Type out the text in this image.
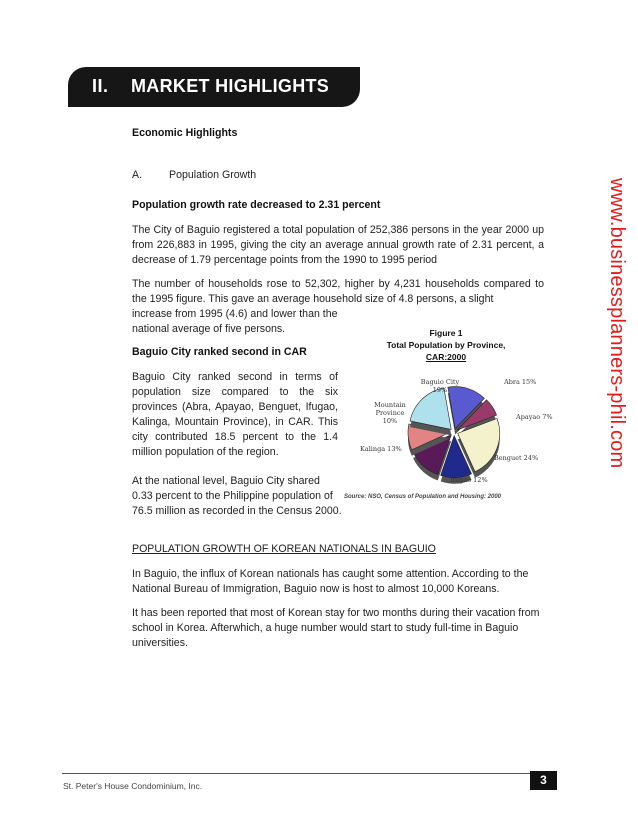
II. MARKET HIGHLIGHTS
Economic Highlights
A.	Population Growth
Population growth rate decreased to 2.31 percent
The City of Baguio registered a total population of 252,386 persons in the year 2000 up from 226,883 in 1995, giving the city an average annual growth rate of 2.31 percent, a decrease of 1.79 percentage points from the 1990 to 1995 period
The number of households rose to 52,302, higher by 4,231 households compared to the 1995 figure. This gave an average household size of 4.8 persons, a slight
increase from 1995 (4.6) and lower than the national average of five persons.
Baguio City ranked second in CAR
Baguio City ranked second in terms of population size compared to the six provinces (Abra, Apayao, Benguet, Ifugao, Kalinga, Mountain Province), in CAR. This city contributed 18.5 percent to the 1.4 million population of the region.
At the national level, Baguio City shared 0.33 percent to the Philippine population of 76.5 million as recorded in the Census 2000.
POPULATION GROWTH OF KOREAN NATIONALS IN BAGUIO
In Baguio, the influx of Korean nationals has caught some attention. According to the National Bureau of Immigration, Baguio now is host to almost 10,000 Koreans.
It has been reported that most of Korean stay for two months during their vacation from school in Korea. Afterwhich, a huge number would start to study full-time in Baguio universities.
Figure 1
Total Population by Province,
CAR:2000
Baguio City
19%
Abra 15%
Apayao 7%
Benguet 24%
Ifugao 12%
Kalinga 13%
Mountain
Province
10%
Source: NSO, Census of Population and Housing: 2000
www.businessplanners-phil.com
St. Peter's House Condominium, Inc.	3
